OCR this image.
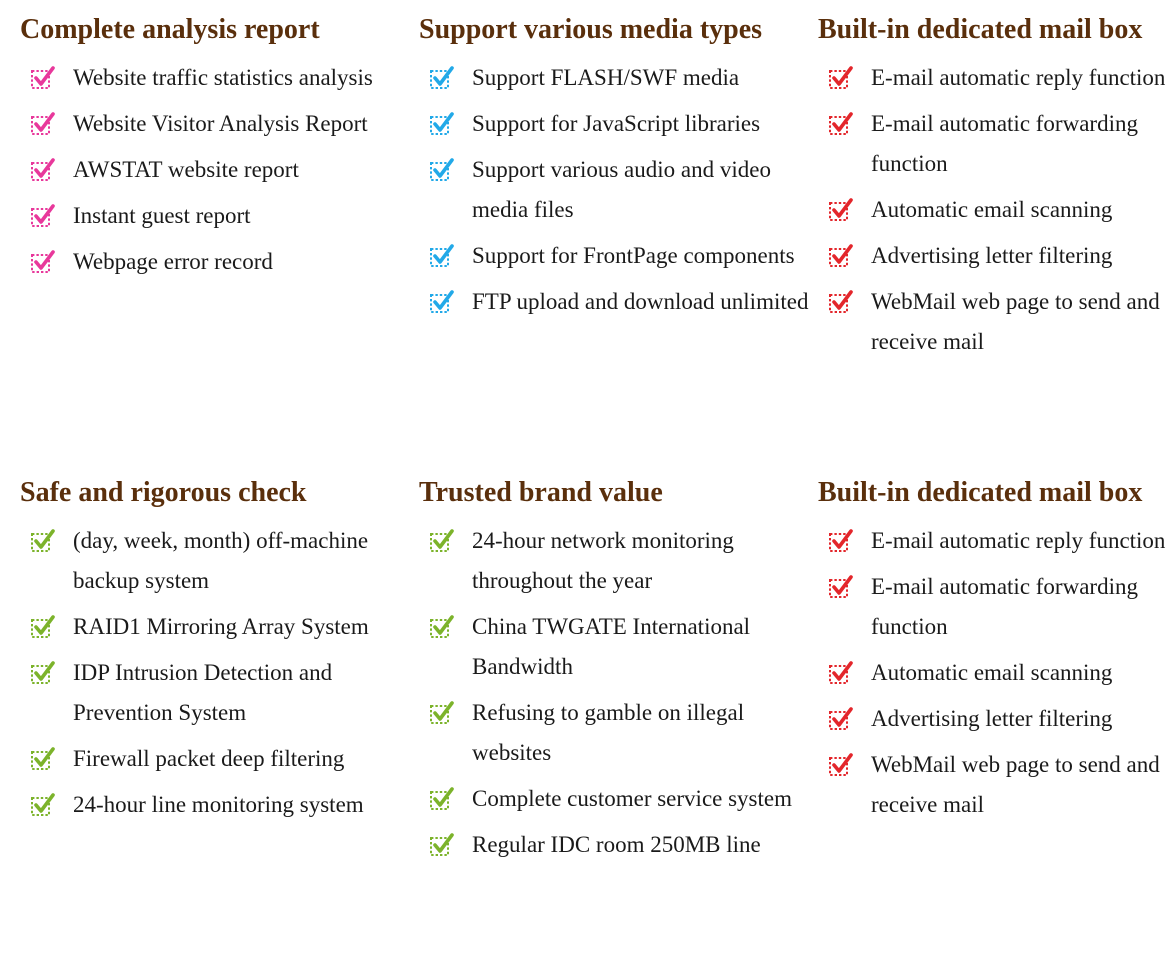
Complete analysis report
Website traffic statistics analysis
Website Visitor Analysis Report
AWSTAT website report
Instant guest report
Webpage error record
Support various media types
Support FLASH/SWF media
Support for JavaScript libraries
Support various audio and video media files
Support for FrontPage components
FTP upload and download unlimited
Built-in dedicated mail box
E-mail automatic reply function
E-mail automatic forwarding function
Automatic email scanning
Advertising letter filtering
WebMail web page to send and receive mail
Safe and rigorous check
(day, week, month) off-machine backup system
RAID1 Mirroring Array System
IDP Intrusion Detection and Prevention System
Firewall packet deep filtering
24-hour line monitoring system
Trusted brand value
24-hour network monitoring throughout the year
China TWGATE International Bandwidth
Refusing to gamble on illegal websites
Complete customer service system
Regular IDC room 250MB line
Built-in dedicated mail box
E-mail automatic reply function
E-mail automatic forwarding function
Automatic email scanning
Advertising letter filtering
WebMail web page to send and receive mail
